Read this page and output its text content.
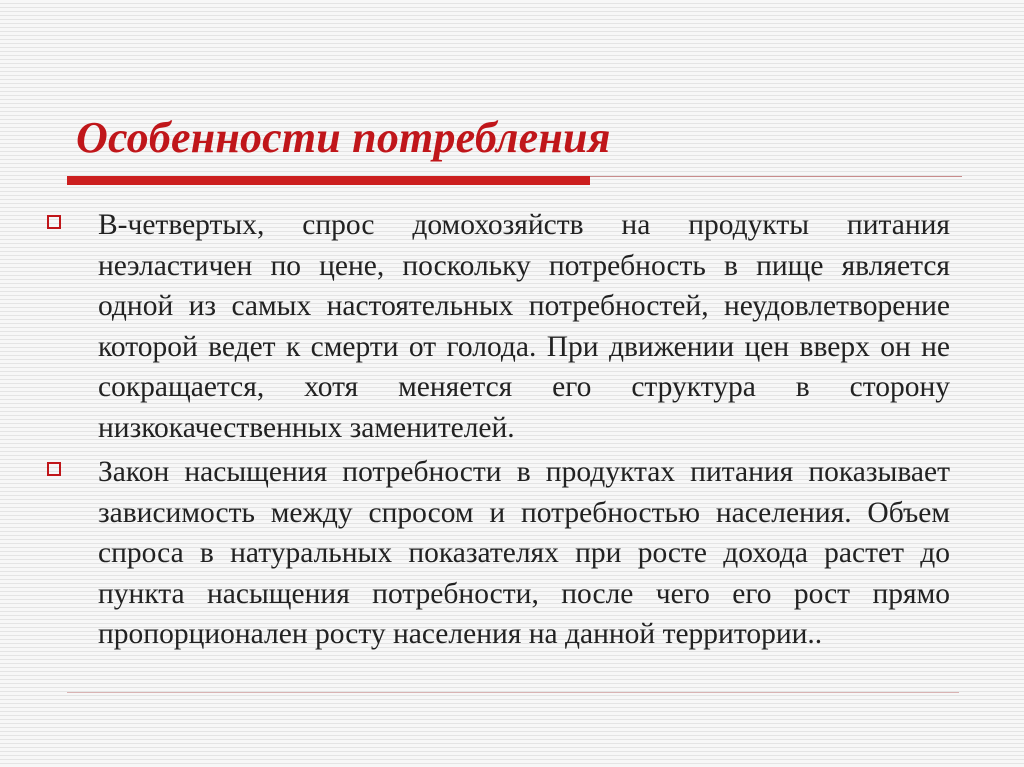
Особенности потребления

В-четвертых, спрос домохозяйств на продукты питания неэластичен по цене, поскольку потребность в пище является одной из самых настоятельных потребностей, неудовлетворение которой ведет к смерти от голода. При движении цен вверх он не сокращается, хотя меняется его структура в сторону низкокачественных заменителей.

Закон насыщения потребности в продуктах питания показывает зависимость между спросом и потребностью населения. Объем спроса в натуральных показателях при росте дохода растет до пункта насыщения потребности, после чего его рост прямо пропорционален росту населения на данной территории..
